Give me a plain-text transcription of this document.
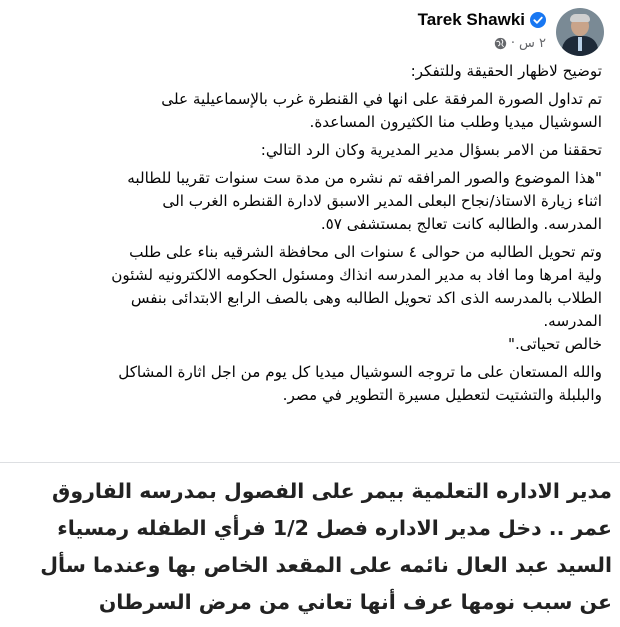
Tarek Shawki
٢ س
·

توضيح لاظهار الحقيقة وللتفكر:

تم تداول الصورة المرفقة على انها في القنطرة غرب بالإسماعيلية على
السوشيال ميديا وطلب منا الكثيرون المساعدة.

تحققنا من الامر بسؤال مدير المديرية وكان الرد التالي:

"هذا الموضوع والصور المرافقه تم نشره من مدة ست سنوات تقريبا للطالبه
اثناء زيارة الاستاذ/نجاح البعلى المدير الاسبق لادارة القنطره الغرب الى
المدرسه. والطالبه كانت تعالج بمستشفى ٥٧.

وتم تحويل الطالبه من حوالى ٤ سنوات الى محافظة الشرقيه بناء على طلب
ولية امرها وما افاد به مدير المدرسه انذاك ومسئول الحكومه الالكترونيه لشئون
الطلاب بالمدرسه الذى اكد تحويل الطالبه وهى بالصف الرابع الابتدائى بنفس
المدرسه.
خالص تحياتى."

والله المستعان على ما تروجه السوشيال ميديا كل يوم من اجل اثارة المشاكل
والبلبلة والتشتيت لتعطيل مسيرة التطوير في مصر.

مدير الاداره التعلمية بيمر على الفصول بمدرسه الفاروق
عمر .. دخل مدير الاداره فصل 1/2 فرأي الطفله رمسياء
السيد عبد العال نائمه على المقعد الخاص بها وعندما سأل
عن سبب نومها عرف أنها تعاني من مرض السرطان
